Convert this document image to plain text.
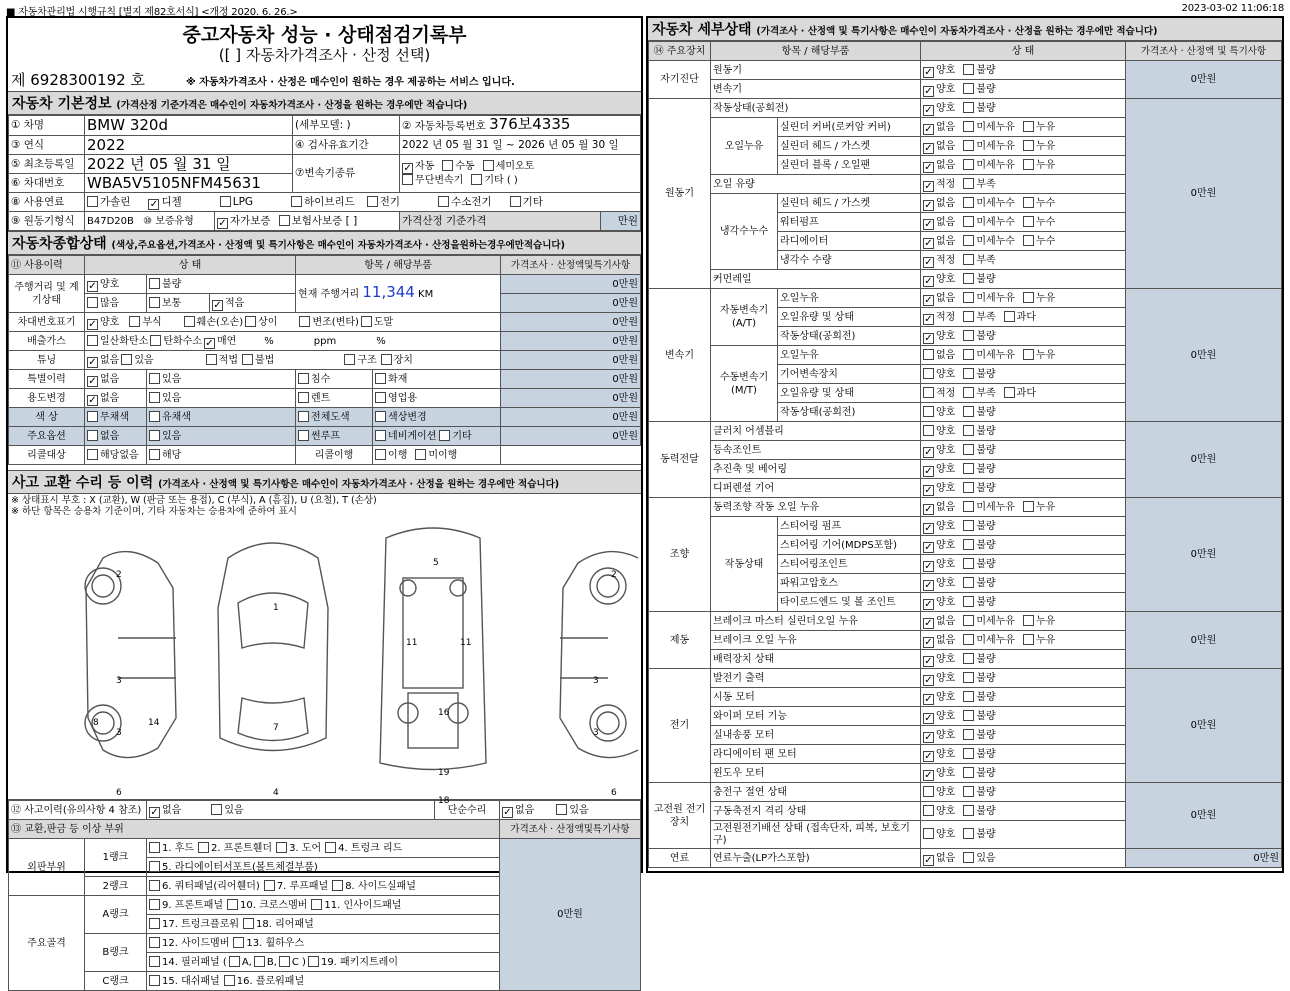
■ 자동차관리법 시행규칙 [별지 제82호서식] <개정 2020. 6. 26.>	2023-03-02 11:06:18
중고자동차 성능 · 상태점검기록부
([ ] 자동차가격조사 · 산정 선택)
제 6928300192 호	※ 자동차가격조사 · 산정은 매수인이 원하는 경우 제공하는 서비스 입니다.
자동차 기본정보 (가격산정 기준가격은 매수인이 자동차가격조사 · 산정을 원하는 경우에만 적습니다)
① 차명	BMW 320d		(세부모델: )	② 자동차등록번호 376보4335	
③ 연식	2022		④ 검사유효기간	2022 년 05 월 31 일 ~ 2026 년 05 월 30 일	
⑤ 최초등록일	2022 년 05 월 31 일		⑦변속기종류	✓자동 수동 세미오토
무단변속기 기타 ( )
⑥ 차대번호	WBA5V5105NFM45631				
⑧ 사용연료	가솔린 ✓ 디젤 LPG 하이브리드 전기 수소전기 기타
⑨ 원동기형식	B47D20B ⑩ 보증유형	✓자가보증 보험사보증 [ ]		가격산정 기준가격	만원
자동차종합상태 (색상,주요옵션,가격조사 · 산정액 및 특기사항은 매수인이 자동차가격조사 · 산정을원하는경우에만적습니다)
⑪ 사용이력	상 태			항목 / 해당부품		가격조사 · 산정액및특기사항
주행거리 및 계기상태	✓양호	불량		현재 주행거리 11,344 KM		0만원
	많음	보통	✓적음			0만원
차대번호표기	✓양호 부식 훼손(오손) 상이 변조(변타) 도말					0만원
배출가스	일산화탄소 탄화수소 ✓ 매연 % ppm %					0만원
튜닝	✓없음 있음 적법 불법 구조 장치					0만원
특별이력	✓없음	있음		침수	화재	0만원
용도변경	✓없음	있음		렌트	영업용	0만원
색 상	무채색	유채색		전체도색	색상변경	0만원
주요옵션	없음	있음		썬루프	네비게이션 기타	0만원
리콜대상	해당없음	해당		리콜이행	이행 미이행	
사고 교환 수리 등 이력 (가격조사 · 산정액 및 특기사항은 매수인이 자동차가격조사 · 산정을 원하는 경우에만 적습니다)
※ 상태표시 부호 : X (교환), W (판금 또는 용접), C (부식), A (흠집), U (요철), T (손상)
※ 하단 항목은 승용차 기준이며, 기타 자동차는 승용차에 준하여 표시
2
1
3
3
8	14	7
6	4
5
11	11
16
19
18
2
3
3
6
⑫ 사고이력(유의사항 4 참조)	✓없음 있음	단순수리	✓없음 있음
⑬ 교환,판금 등 이상 부위				가격조사 · 산정액및특기사항
외판부위	1랭크	1. 후드 2. 프론트휀더 3. 도어 4. 트렁크 리드		0만원
		5. 라디에이터서포트(볼트체결부품)		
	2랭크	6. 쿼터패널(리어휀더) 7. 루프패널 8. 사이드실패널		
주요골격	A랭크	9. 프론트패널 10. 크로스멤버 11. 인사이드패널		
		17. 트렁크플로워 18. 리어패널		
	B랭크	12. 사이드멤버 13. 휠하우스		
		14. 필러패널 ( A, B, C ) 19. 패키지트레이		
	C랭크	15. 대쉬패널 16. 플로워패널		
자동차 세부상태 (가격조사 · 산정액 및 특기사항은 매수인이 자동차가격조사 · 산정을 원하는 경우에만 적습니다)
⑭ 주요장치	항목 / 해당부품		상 태	가격조사 · 산정액 및 특기사항
자기진단	원동기	✓양호 불량	0만원
	변속기	✓양호 불량
원동기	작동상태(공회전)	✓양호 불량	0만원
	오일누유	실린더 커버(로커암 커버)	✓없음 미세누유 누유
		실린더 헤드 / 가스켓	✓없음 미세누유 누유
		실린더 블록 / 오일팬	✓없음 미세누유 누유
	오일 유량	✓적정 부족
	냉각수누수	실린더 헤드 / 가스켓	✓없음 미세누수 누수
		워터펌프	✓없음 미세누수 누수
		라디에이터	✓없음 미세누수 누수
		냉각수 수량	✓적정 부족
	커먼레일	✓양호 불량
변속기	자동변속기 (A/T)	오일누유	✓없음 미세누유 누유	0만원
		오일유량 및 상태	✓적정 부족 과다
		작동상태(공회전)	✓양호 불량
	수동변속기 (M/T)	오일누유	없음 미세누유 누유	
		기어변속장치	양호 불량	
		오일유량 및 상태	적정 부족 과다	
		작동상태(공회전)	양호 불량	
동력전달	클러치 어셈블리		양호 불량	0만원
	등속조인트	✓양호 불량
	추진축 및 베어링	✓양호 불량
	디퍼렌셜 기어	✓양호 불량
조향	동력조향 작동 오일 누유	✓없음 미세누유 누유	0만원
	작동상태	스티어링 펌프	✓양호 불량
		스티어링 기어(MDPS포함)	✓양호 불량
		스티어링조인트	✓양호 불량
		파워고압호스	✓양호 불량
		타이로드엔드 및 볼 조인트	✓양호 불량
제동	브레이크 마스터 실린더오일 누유	✓없음 미세누유 누유	0만원
	브레이크 오일 누유	✓없음 미세누유 누유
	배력장치 상태	✓양호 불량
전기	발전기 출력	✓양호 불량	0만원
	시동 모터	✓양호 불량
	와이퍼 모터 기능	✓양호 불량
	실내송풍 모터	✓양호 불량
	라디에이터 팬 모터	✓양호 불량
	윈도우 모터	✓양호 불량
고전원 전기장치	충전구 절연 상태		양호 불량	0만원
	구동축전지 격리 상태		양호 불량	
	고전원전기배선 상태 (접속단자, 피복, 보호기구)		양호 불량	
연료	연료누출(LP가스포함)	✓없음 있음	0만원
